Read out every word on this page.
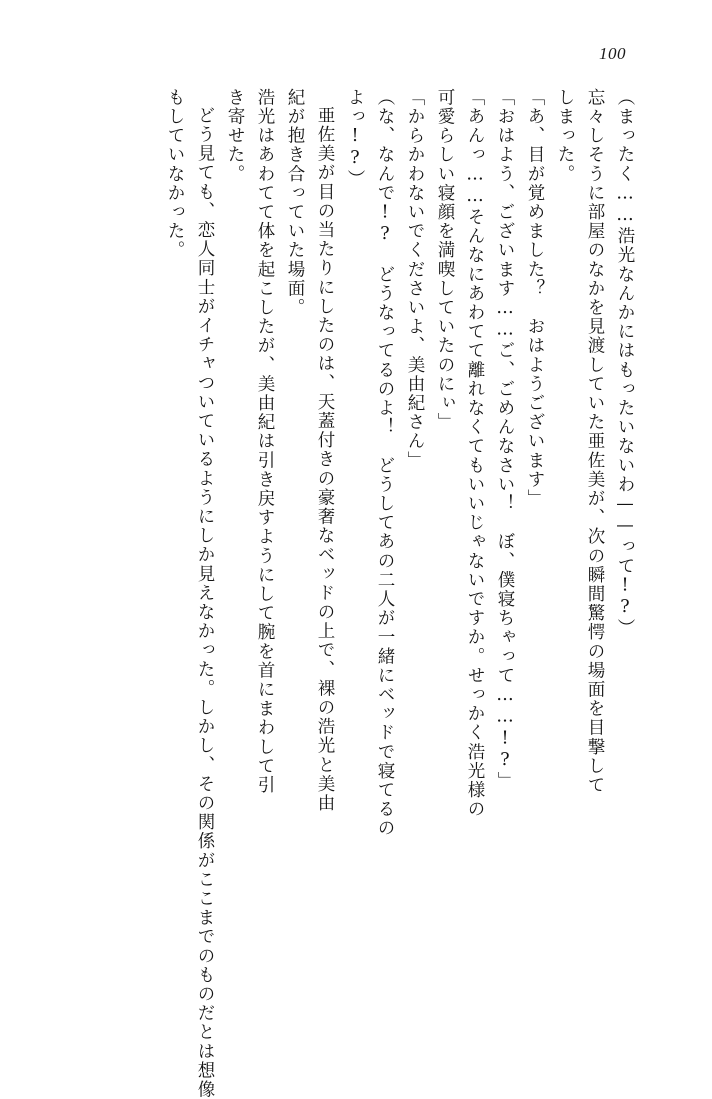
100
（まったく……浩光なんかにはもったいないわ——って!?）
忘々しそうに部屋のなかを見渡していた亜佐美が、次の瞬間驚愕の場面を目撃して
しまった。
「あ、目が覚めました？　おはようございます」
「おはよう、ございます……ご、ごめんなさい！　ぼ、僕寝ちゃって……!?」
「あんっ……そんなにあわてて離れなくてもいいじゃないですか。せっかく浩光様の
可愛らしい寝顔を満喫していたのにぃ」
「からかわないでくださいよ、美由紀さん」
（な、なんで!?　どうなってるのよ！　どうしてあの二人が一緒にベッドで寝てるの
よっ!?）
亜佐美が目の当たりにしたのは、天蓋付きの豪奢なベッドの上で、裸の浩光と美由
紀が抱き合っていた場面。
浩光はあわてて体を起こしたが、美由紀は引き戻すようにして腕を首にまわして引
き寄せた。
どう見ても、恋人同士がイチャついているようにしか見えなかった。しかし、その関係がここまでのものだとは想像
もしていなかった。
